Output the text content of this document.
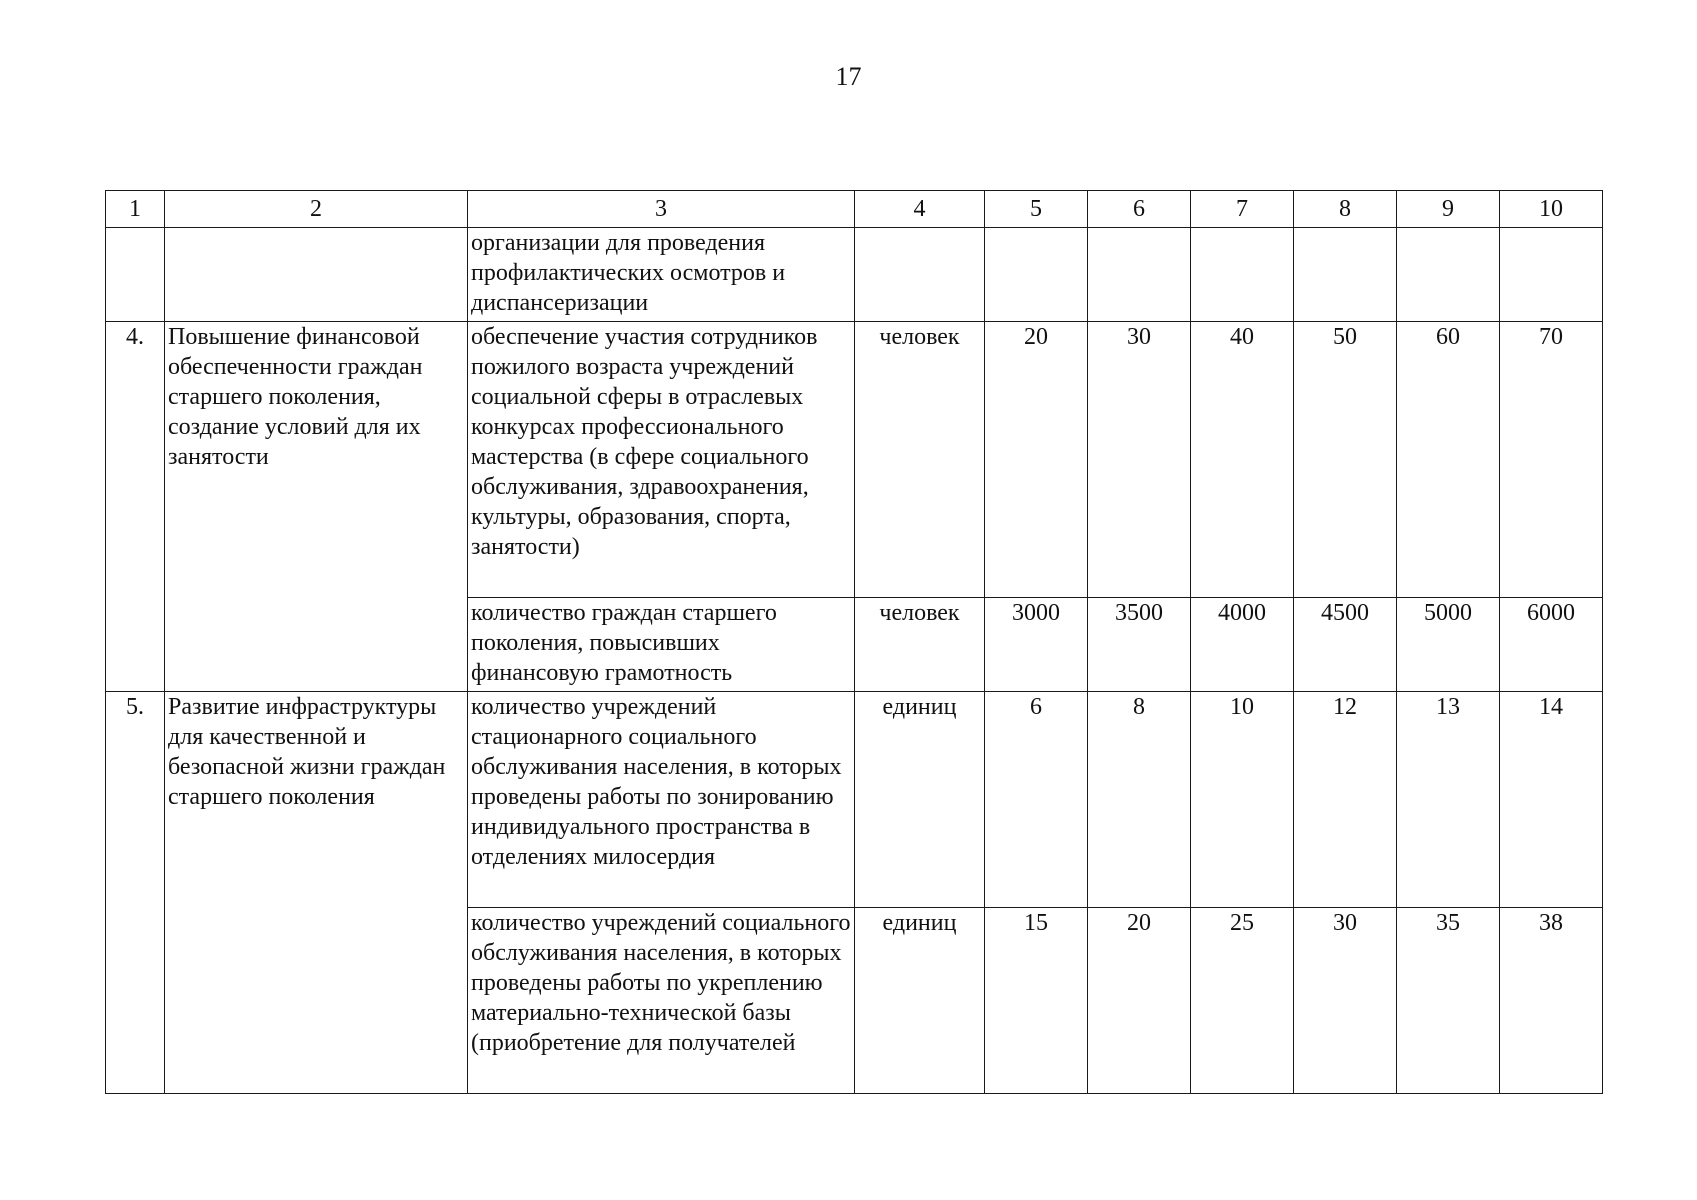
17
1	2	3	4	5	6	7	8	9	10
		организации для проведения профилактических осмотров и диспансеризации							
4.	Повышение финансовой обеспеченности граждан старшего поколения, создание условий для их занятости	обеспечение участия сотрудников пожилого возраста учреждений социальной сферы в отраслевых конкурсах профессионального мастерства (в сфере социального обслуживания, здравоохранения, культуры, образования, спорта, занятости)	человек	20	30	40	50	60	70
		количество граждан старшего поколения, повысивших финансовую грамотность	человек	3000	3500	4000	4500	5000	6000
5.	Развитие инфраструктуры для качественной и безопасной жизни граждан старшего поколения	количество учреждений стационарного социального обслуживания населения, в которых проведены работы по зонированию индивидуального пространства в отделениях милосердия	единиц	6	8	10	12	13	14
		количество учреждений социального обслуживания населения, в которых проведены работы по укреплению материально-технической базы (приобретение для получателей	единиц	15	20	25	30	35	38
